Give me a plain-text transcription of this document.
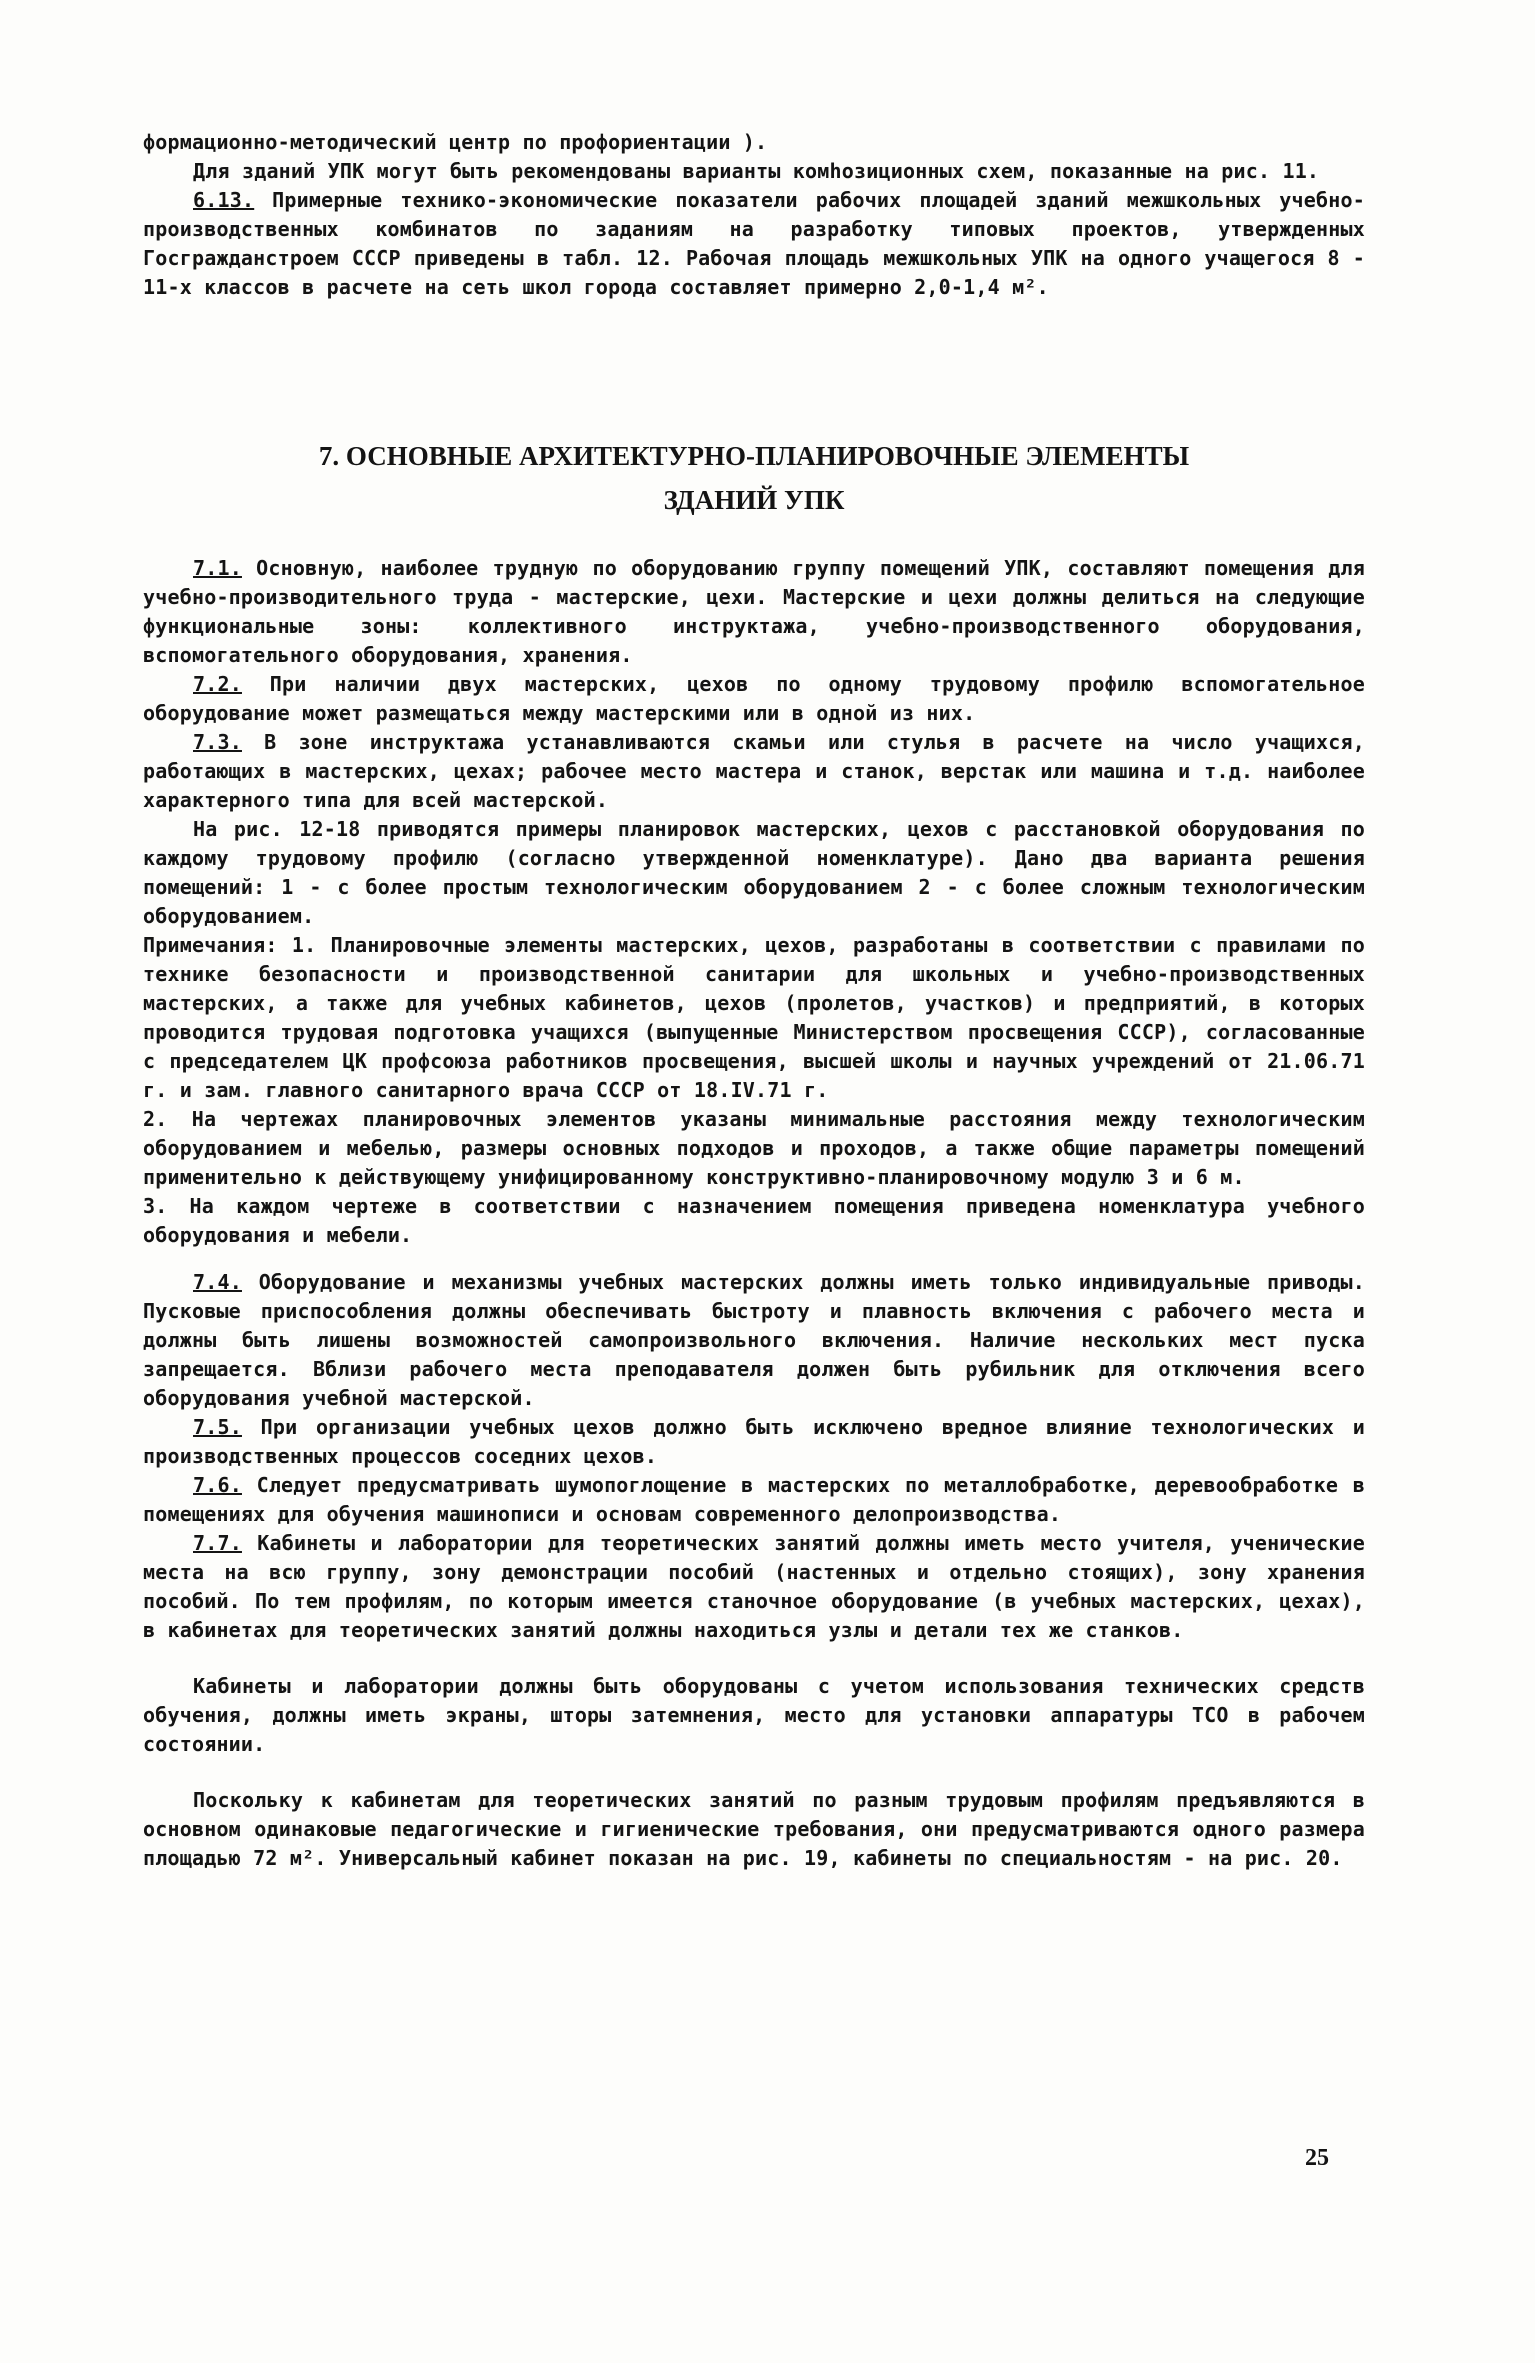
формационно-методический центр по профориентации ).

Для зданий УПК могут быть рекомендованы варианты комhозиционных схем, показанные на рис. 11.

6.13. Примерные технико-экономические показатели рабочих площадей зданий межшкольных учебно-производственных комбинатов по заданиям на разработку типовых проектов, утвержденных Госгражданстроем СССР приведены в табл. 12. Рабочая площадь межшкольных УПК на одного учащегося 8 - 11-х классов в расчете на сеть школ города составляет примерно 2,0-1,4 м².

7. ОСНОВНЫЕ АРХИТЕКТУРНО-ПЛАНИРОВОЧНЫЕ ЭЛЕМЕНТЫ
ЗДАНИЙ УПК

7.1. Основную, наиболее трудную по оборудованию группу помещений УПК, составляют помещения для учебно-производительного труда - мастерские, цехи. Мастерские и цехи должны делиться на следующие функциональные зоны: коллективного инструктажа, учебно-производственного оборудования, вспомогательного оборудования, хранения.

7.2. При наличии двух мастерских, цехов по одному трудовому профилю вспомогательное оборудование может размещаться между мастерскими или в одной из них.

7.3. В зоне инструктажа устанавливаются скамьи или стулья в расчете на число учащихся, работающих в мастерских, цехах; рабочее место мастера и станок, верстак или машина и т.д. наиболее характерного типа для всей мастерской.

На рис. 12-18 приводятся примеры планировок мастерских, цехов с расстановкой оборудования по каждому трудовому профилю (согласно утвержденной номенклатуре). Дано два варианта решения помещений: 1 - с более простым технологическим оборудованием 2 - с более сложным технологическим оборудованием.

Примечания: 1. Планировочные элементы мастерских, цехов, разработаны в соответствии с правилами по технике безопасности и производственной санитарии для школьных и учебно-производственных мастерских, а также для учебных кабинетов, цехов (пролетов, участков) и предприятий, в которых проводится трудовая подготовка учащихся (выпущенные Министерством просвещения СССР), согласованные с председателем ЦК профсоюза работников просвещения, высшей школы и научных учреждений от 21.06.71 г. и зам. главного санитарного врача СССР от 18.IV.71 г.

2. На чертежах планировочных элементов указаны минимальные расстояния между технологическим оборудованием и мебелью, размеры основных подходов и проходов, а также общие параметры помещений применительно к действующему унифицированному конструктивно-планировочному модулю 3 и 6 м.

3. На каждом чертеже в соответствии с назначением помещения приведена номенклатура учебного оборудования и мебели.

7.4. Оборудование и механизмы учебных мастерских должны иметь только индивидуальные приводы. Пусковые приспособления должны обеспечивать быстроту и плавность включения с рабочего места и должны быть лишены возможностей самопроизвольного включения. Наличие нескольких мест пуска запрещается. Вблизи рабочего места преподавателя должен быть рубильник для отключения всего оборудования учебной мастерской.

7.5. При организации учебных цехов должно быть исключено вредное влияние технологических и производственных процессов соседних цехов.

7.6. Следует предусматривать шумопоглощение в мастерских по металлобработке, деревообработке в помещениях для обучения машинописи и основам современного делопроизводства.

7.7. Кабинеты и лаборатории для теоретических занятий должны иметь место учителя, ученические места на всю группу, зону демонстрации пособий (настенных и отдельно стоящих), зону хранения пособий. По тем профилям, по которым имеется станочное оборудование (в учебных мастерских, цехах), в кабинетах для теоретических занятий должны находиться узлы и детали тех же станков.

Кабинеты и лаборатории должны быть оборудованы с учетом использования технических средств обучения, должны иметь экраны, шторы затемнения, место для установки аппаратуры ТСО в рабочем состоянии.

Поскольку к кабинетам для теоретических занятий по разным трудовым профилям предъявляются в основном одинаковые педагогические и гигиенические требования, они предусматриваются одного размера площадью 72 м². Универсальный кабинет показан на рис. 19, кабинеты по специальностям - на рис. 20.

25
